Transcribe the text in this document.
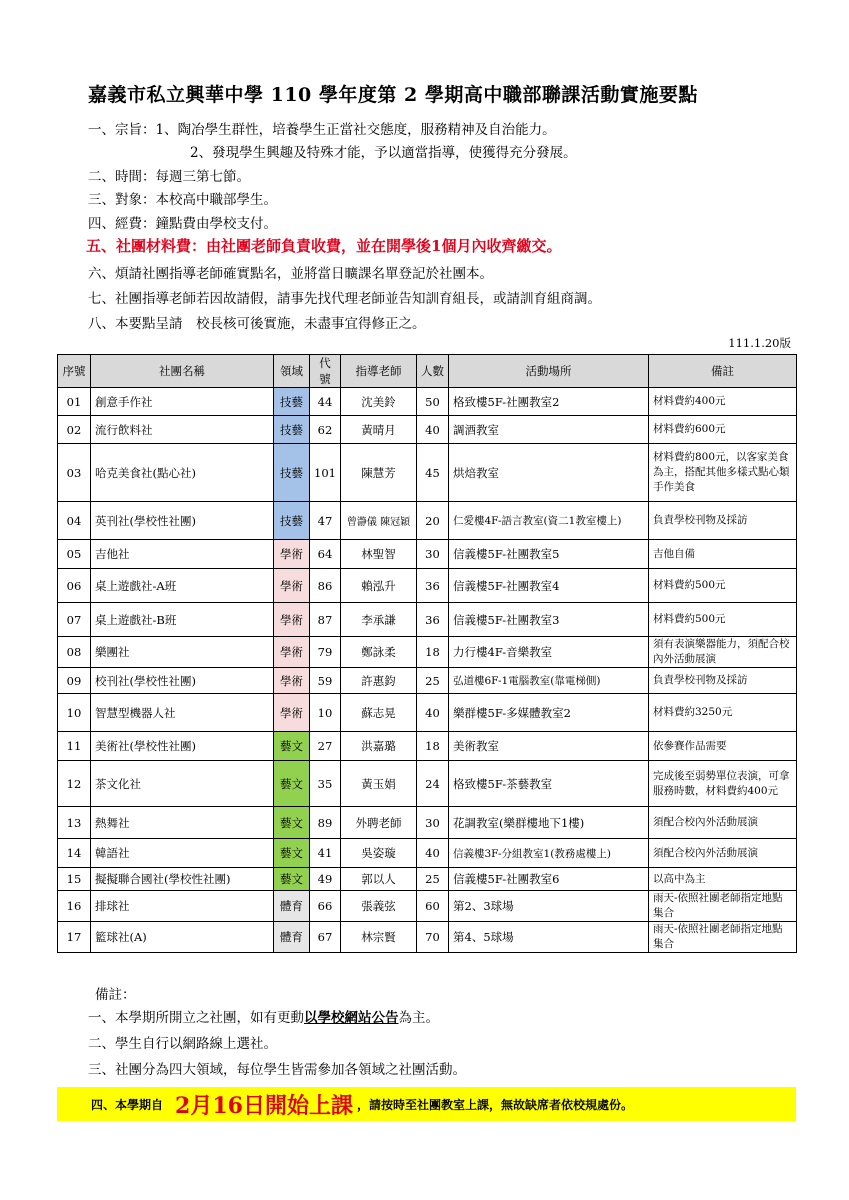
嘉義市私立興華中學 110 學年度第 2 學期高中職部聯課活動實施要點
一、宗旨：1、陶冶學生群性，培養學生正當社交態度，服務精神及自治能力。
2、發現學生興趣及特殊才能，予以適當指導，使獲得充分發展。
二、時間：每週三第七節。
三、對象：本校高中職部學生。
四、經費：鐘點費由學校支付。
五、社團材料費：由社團老師負責收費，並在開學後1個月內收齊繳交。
六、煩請社團指導老師確實點名，並將當日曠課名單登記於社團本。
七、社團指導老師若因故請假，請事先找代理老師並告知訓育組長，或請訓育組商調。
八、本要點呈請　校長核可後實施，未盡事宜得修正之。
111.1.20版
序號	社團名稱	領域	代號	指導老師	人數	活動場所	備註
01	創意手作社	技藝	44	沈美鈴	50	格致樓5F-社團教室2	材料費約400元
02	流行飲料社	技藝	62	黃晴月	40	調酒教室	材料費約600元
03	哈克美食社(點心社)	技藝	101	陳慧芳	45	烘焙教室	材料費約800元，以客家美食為主，搭配其他多樣式點心類手作美食
04	英刊社(學校性社團)	技藝	47	曾瀞儀 陳冠穎	20	仁愛樓4F-語言教室(資二1教室樓上)	負責學校刊物及採訪
05	吉他社	學術	64	林聖智	30	信義樓5F-社團教室5	吉他自備
06	桌上遊戲社-A班	學術	86	賴泓升	36	信義樓5F-社團教室4	材料費約500元
07	桌上遊戲社-B班	學術	87	李承謙	36	信義樓5F-社團教室3	材料費約500元
08	樂團社	學術	79	鄭詠柔	18	力行樓4F-音樂教室	須有表演樂器能力，須配合校內外活動展演
09	校刊社(學校性社團)	學術	59	許惠鈞	25	弘道樓6F-1電腦教室(靠電梯側)	負責學校刊物及採訪
10	智慧型機器人社	學術	10	蘇志晃	40	樂群樓5F-多媒體教室2	材料費約3250元
11	美術社(學校性社團)	藝文	27	洪嘉璐	18	美術教室	依參賽作品需要
12	茶文化社	藝文	35	黃玉娟	24	格致樓5F-茶藝教室	完成後至弱勢單位表演，可拿服務時數，材料費約400元
13	熱舞社	藝文	89	外聘老師	30	花調教室(樂群樓地下1樓)	須配合校內外活動展演
14	韓語社	藝文	41	吳姿璇	40	信義樓3F-分組教室1(教務處樓上)	須配合校內外活動展演
15	擬擬聯合國社(學校性社團)	藝文	49	郭以人	25	信義樓5F-社團教室6	以高中為主
16	排球社	體育	66	張義弦	60	第2、3球場	雨天-依照社團老師指定地點集合
17	籃球社(A)	體育	67	林宗賢	70	第4、5球場	雨天-依照社團老師指定地點集合
備註：
一、本學期所開立之社團，如有更動以學校網站公告為主。
二、學生自行以網路線上選社。
三、社團分為四大領域，每位學生皆需參加各領域之社團活動。
四、本學期自 2月16日開始上課 ，請按時至社團教室上課，無故缺席者依校規處份。
